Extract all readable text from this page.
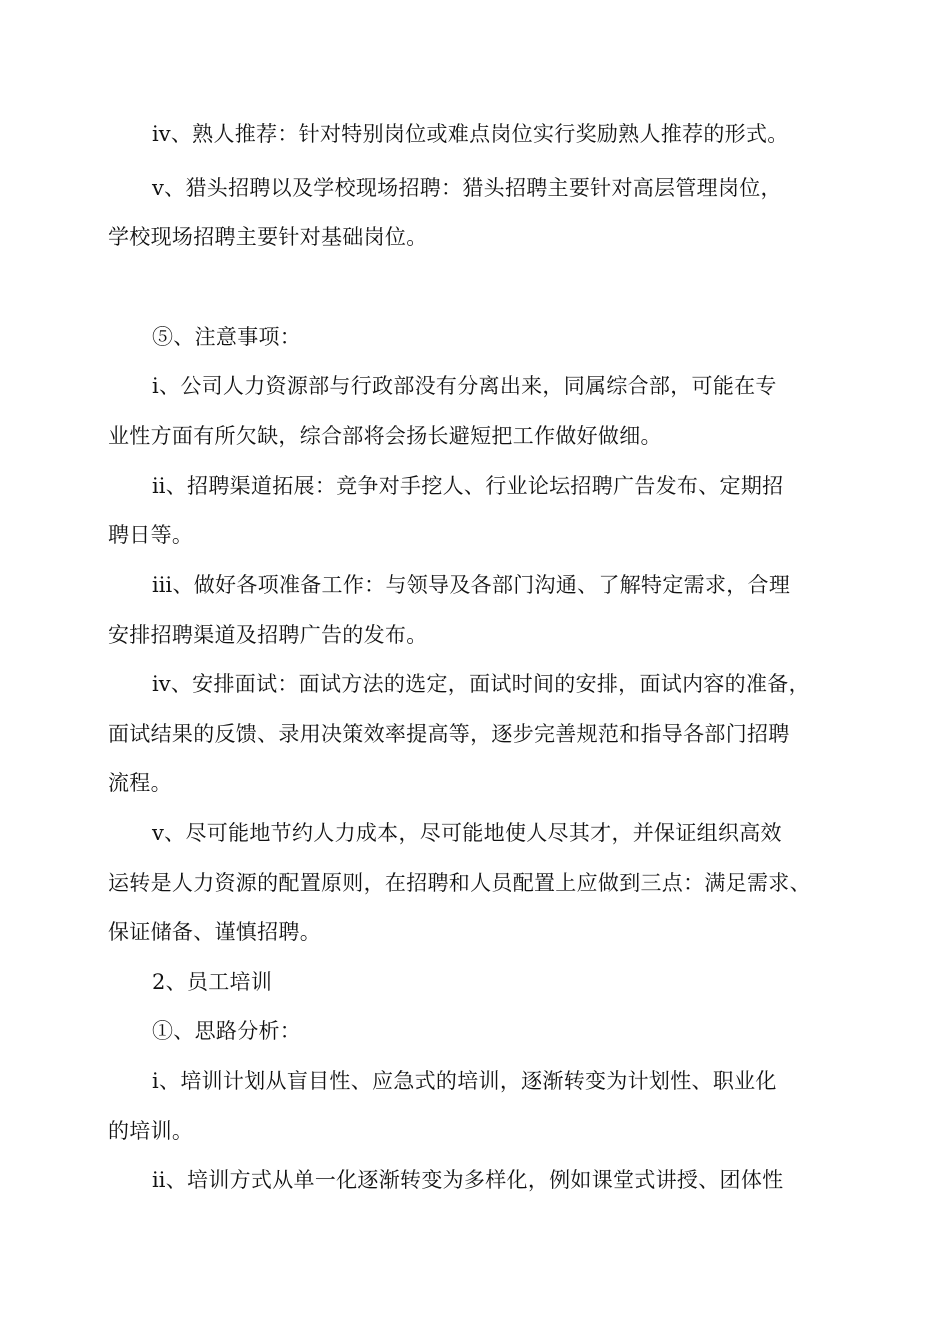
ⅳ、熟人推荐：针对特别岗位或难点岗位实行奖励熟人推荐的形式。
ⅴ、猎头招聘以及学校现场招聘：猎头招聘主要针对高层管理岗位，
学校现场招聘主要针对基础岗位。
⑤、注意事项：
ⅰ、公司人力资源部与行政部没有分离出来，同属综合部，可能在专
业性方面有所欠缺，综合部将会扬长避短把工作做好做细。
ⅱ、招聘渠道拓展：竞争对手挖人、行业论坛招聘广告发布、定期招
聘日等。
ⅲ、做好各项准备工作：与领导及各部门沟通、了解特定需求，合理
安排招聘渠道及招聘广告的发布。
ⅳ、安排面试：面试方法的选定，面试时间的安排，面试内容的准备，
面试结果的反馈、录用决策效率提高等，逐步完善规范和指导各部门招聘
流程。
ⅴ、尽可能地节约人力成本，尽可能地使人尽其才，并保证组织高效
运转是人力资源的配置原则，在招聘和人员配置上应做到三点：满足需求、
保证储备、谨慎招聘。
2、员工培训
①、思路分析：
ⅰ、培训计划从盲目性、应急式的培训，逐渐转变为计划性、职业化
的培训。
ⅱ、培训方式从单一化逐渐转变为多样化，例如课堂式讲授、团体性
